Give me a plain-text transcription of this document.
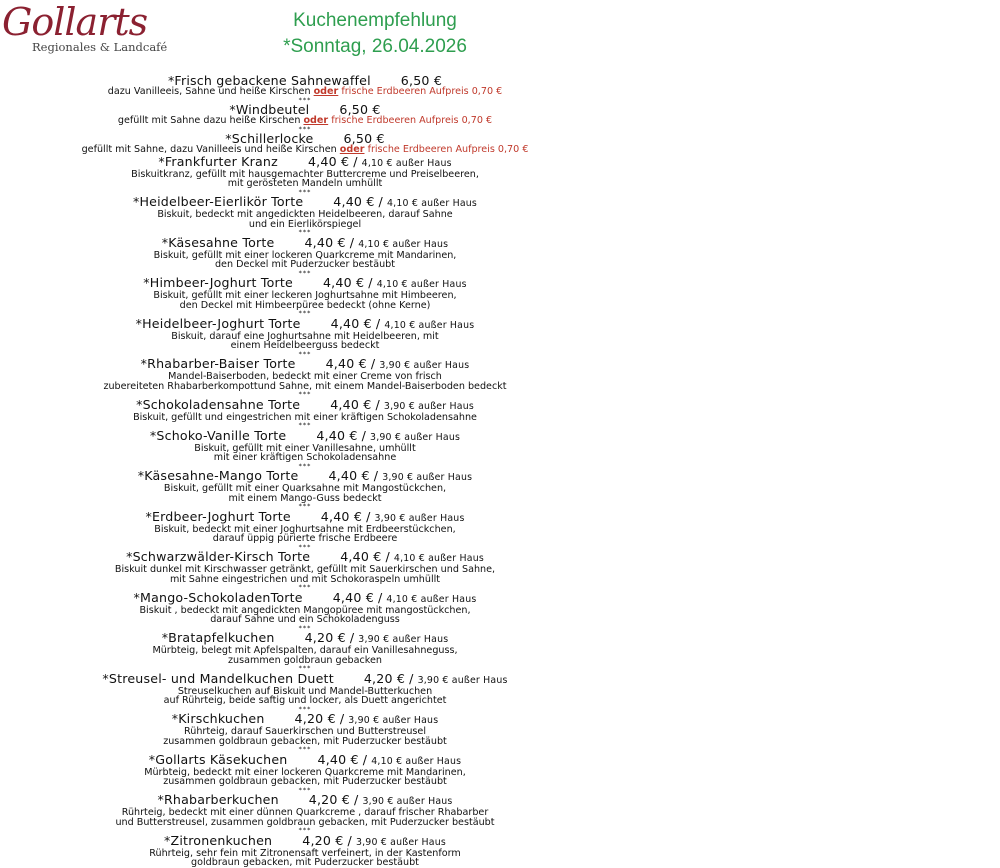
Gollarts
Regionales & Landcafé
Kuchenempfehlung
*Sonntag, 26.04.2026
*Frisch gebackene Sahnewaffel 6,50 €
dazu Vanilleeis, Sahne und heiße Kirschen oder frische Erdbeeren Aufpreis 0,70 €
***
*Windbeutel 6,50 €
gefüllt mit Sahne dazu heiße Kirschen oder frische Erdbeeren Aufpreis 0,70 €
***
*Schillerlocke 6,50 €
gefüllt mit Sahne, dazu Vanilleeis und heiße Kirschen oder frische Erdbeeren Aufpreis 0,70 €
*Frankfurter Kranz 4,40 € / 4,10 € außer Haus
Biskuitkranz, gefüllt mit hausgemachter Buttercreme und Preiselbeeren,
mit gerösteten Mandeln umhüllt
***
*Heidelbeer-Eierlikör Torte 4,40 € / 4,10 € außer Haus
Biskuit, bedeckt mit angedickten Heidelbeeren, darauf Sahne
und ein Eierlikörspiegel
***
*Käsesahne Torte 4,40 € / 4,10 € außer Haus
Biskuit, gefüllt mit einer lockeren Quarkcreme mit Mandarinen,
den Deckel mit Puderzucker bestäubt
***
*Himbeer-Joghurt Torte 4,40 € / 4,10 € außer Haus
Biskuit, gefüllt mit einer leckeren Joghurtsahne mit Himbeeren,
den Deckel mit Himbeerpüree bedeckt (ohne Kerne)
***
*Heidelbeer-Joghurt Torte 4,40 € / 4,10 € außer Haus
Biskuit, darauf eine Joghurtsahne mit Heidelbeeren, mit
einem Heidelbeerguss bedeckt
***
*Rhabarber-Baiser Torte 4,40 € / 3,90 € außer Haus
Mandel-Baiserboden, bedeckt mit einer Creme von frisch
zubereiteten Rhabarberkompottund Sahne, mit einem Mandel-Baiserboden bedeckt
***
*Schokoladensahne Torte 4,40 € / 3,90 € außer Haus
Biskuit, gefüllt und eingestrichen mit einer kräftigen Schokoladensahne
***
*Schoko-Vanille Torte 4,40 € / 3,90 € außer Haus
Biskuit, gefüllt mit einer Vanillesahne, umhüllt
mit einer kräftigen Schokoladensahne
***
*Käsesahne-Mango Torte 4,40 € / 3,90 € außer Haus
Biskuit, gefüllt mit einer Quarksahne mit Mangostückchen,
mit einem Mango-Guss bedeckt
***
*Erdbeer-Joghurt Torte 4,40 € / 3,90 € außer Haus
Biskuit, bedeckt mit einer Joghurtsahne mit Erdbeerstückchen,
darauf üppig pürierte frische Erdbeere
***
*Schwarzwälder-Kirsch Torte 4,40 € / 4,10 € außer Haus
Biskuit dunkel mit Kirschwasser getränkt, gefüllt mit Sauerkirschen und Sahne,
mit Sahne eingestrichen und mit Schokoraspeln umhüllt
***
*Mango-SchokoladenTorte 4,40 € / 4,10 € außer Haus
Biskuit , bedeckt mit angedickten Mangopüree mit mangostückchen,
darauf Sahne und ein Schokoladenguss
***
*Bratapfelkuchen 4,20 € / 3,90 € außer Haus
Mürbteig, belegt mit Apfelspalten, darauf ein Vanillesahneguss,
zusammen goldbraun gebacken
***
*Streusel- und Mandelkuchen Duett 4,20 € / 3,90 € außer Haus
Streuselkuchen auf Biskuit und Mandel-Butterkuchen
auf Rührteig, beide saftig und locker, als Duett angerichtet
***
*Kirschkuchen 4,20 € / 3,90 € außer Haus
Rührteig, darauf Sauerkirschen und Butterstreusel
zusammen goldbraun gebacken, mit Puderzucker bestäubt
***
*Gollarts Käsekuchen 4,40 € / 4,10 € außer Haus
Mürbteig, bedeckt mit einer lockeren Quarkcreme mit Mandarinen,
zusammen goldbraun gebacken, mit Puderzucker bestäubt
***
*Rhabarberkuchen 4,20 € / 3,90 € außer Haus
Rührteig, bedeckt mit einer dünnen Quarkcreme , darauf frischer Rhabarber
und Butterstreusel, zusammen goldbraun gebacken, mit Puderzucker bestäubt
***
*Zitronenkuchen 4,20 € / 3,90 € außer Haus
Rührteig, sehr fein mit Zitronensaft verfeinert, in der Kastenform
goldbraun gebacken, mit Puderzucker bestäubt
